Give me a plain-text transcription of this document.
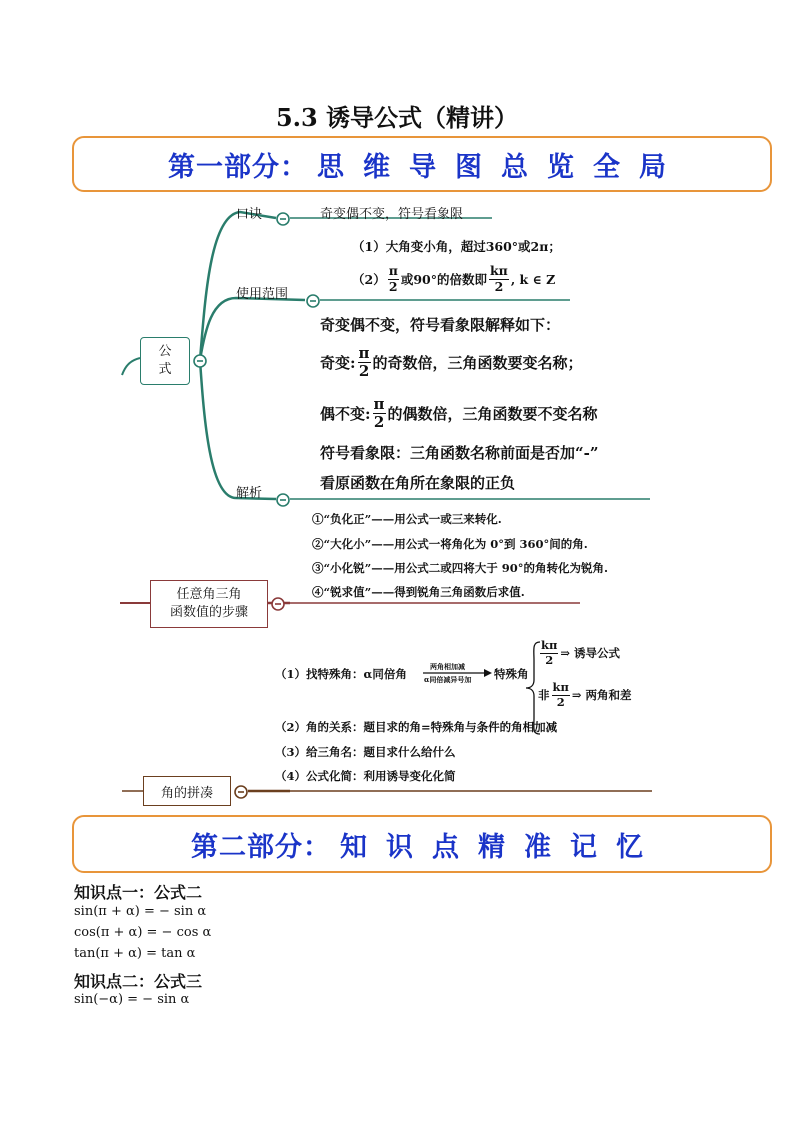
5.3 诱导公式（精讲）
第一部分： 思 维 导 图 总 览 全 局
公
式
口诀	奇变偶不变，符号看象限
（1）大角变小角，超过360°或2π；
$(2) \frac{\pi}{2}$ 或90°的倍数即 $\frac{k\pi}{2}$ , k ∈ Z
使用范围
奇变偶不变，符号看象限解释如下：
奇变: $\frac{\pi}{2}$ 的奇数倍，三角函数要变名称；
偶不变: $\frac{\pi}{2}$ 的偶数倍，三角函数要不变名称
符号看象限：三角函数名称前面是否加“-”
看原函数在角所在象限的正负
解析
①“负化正”——用公式一或三来转化.
②“大化小”——用公式一将角化为 0°到 360°间的角.
③“小化锐”——用公式二或四将大于 90°的角转化为锐角.
④“锐求值”——得到锐角三角函数后求值.
任意角三角
函数值的步骤
（1）找特殊角：α同倍角
两角相加减
α同倍减异号加 特殊角
$\frac{k\pi}{2}$ ⇒ 诱导公式
非 $\frac{k\pi}{2}$ ⇒ 两角和差
（2）角的关系：题目求的角=特殊角与条件的角相加减
（3）给三角名：题目求什么给什么
（4）公式化简：利用诱导变化化简
角的拼凑
第二部分： 知 识 点 精 准 记 忆
知识点一：公式二
sin(π + α) = − sin α
cos(π + α) = − cos α
tan(π + α) = tan α
知识点二：公式三
sin(−α) = − sin α
